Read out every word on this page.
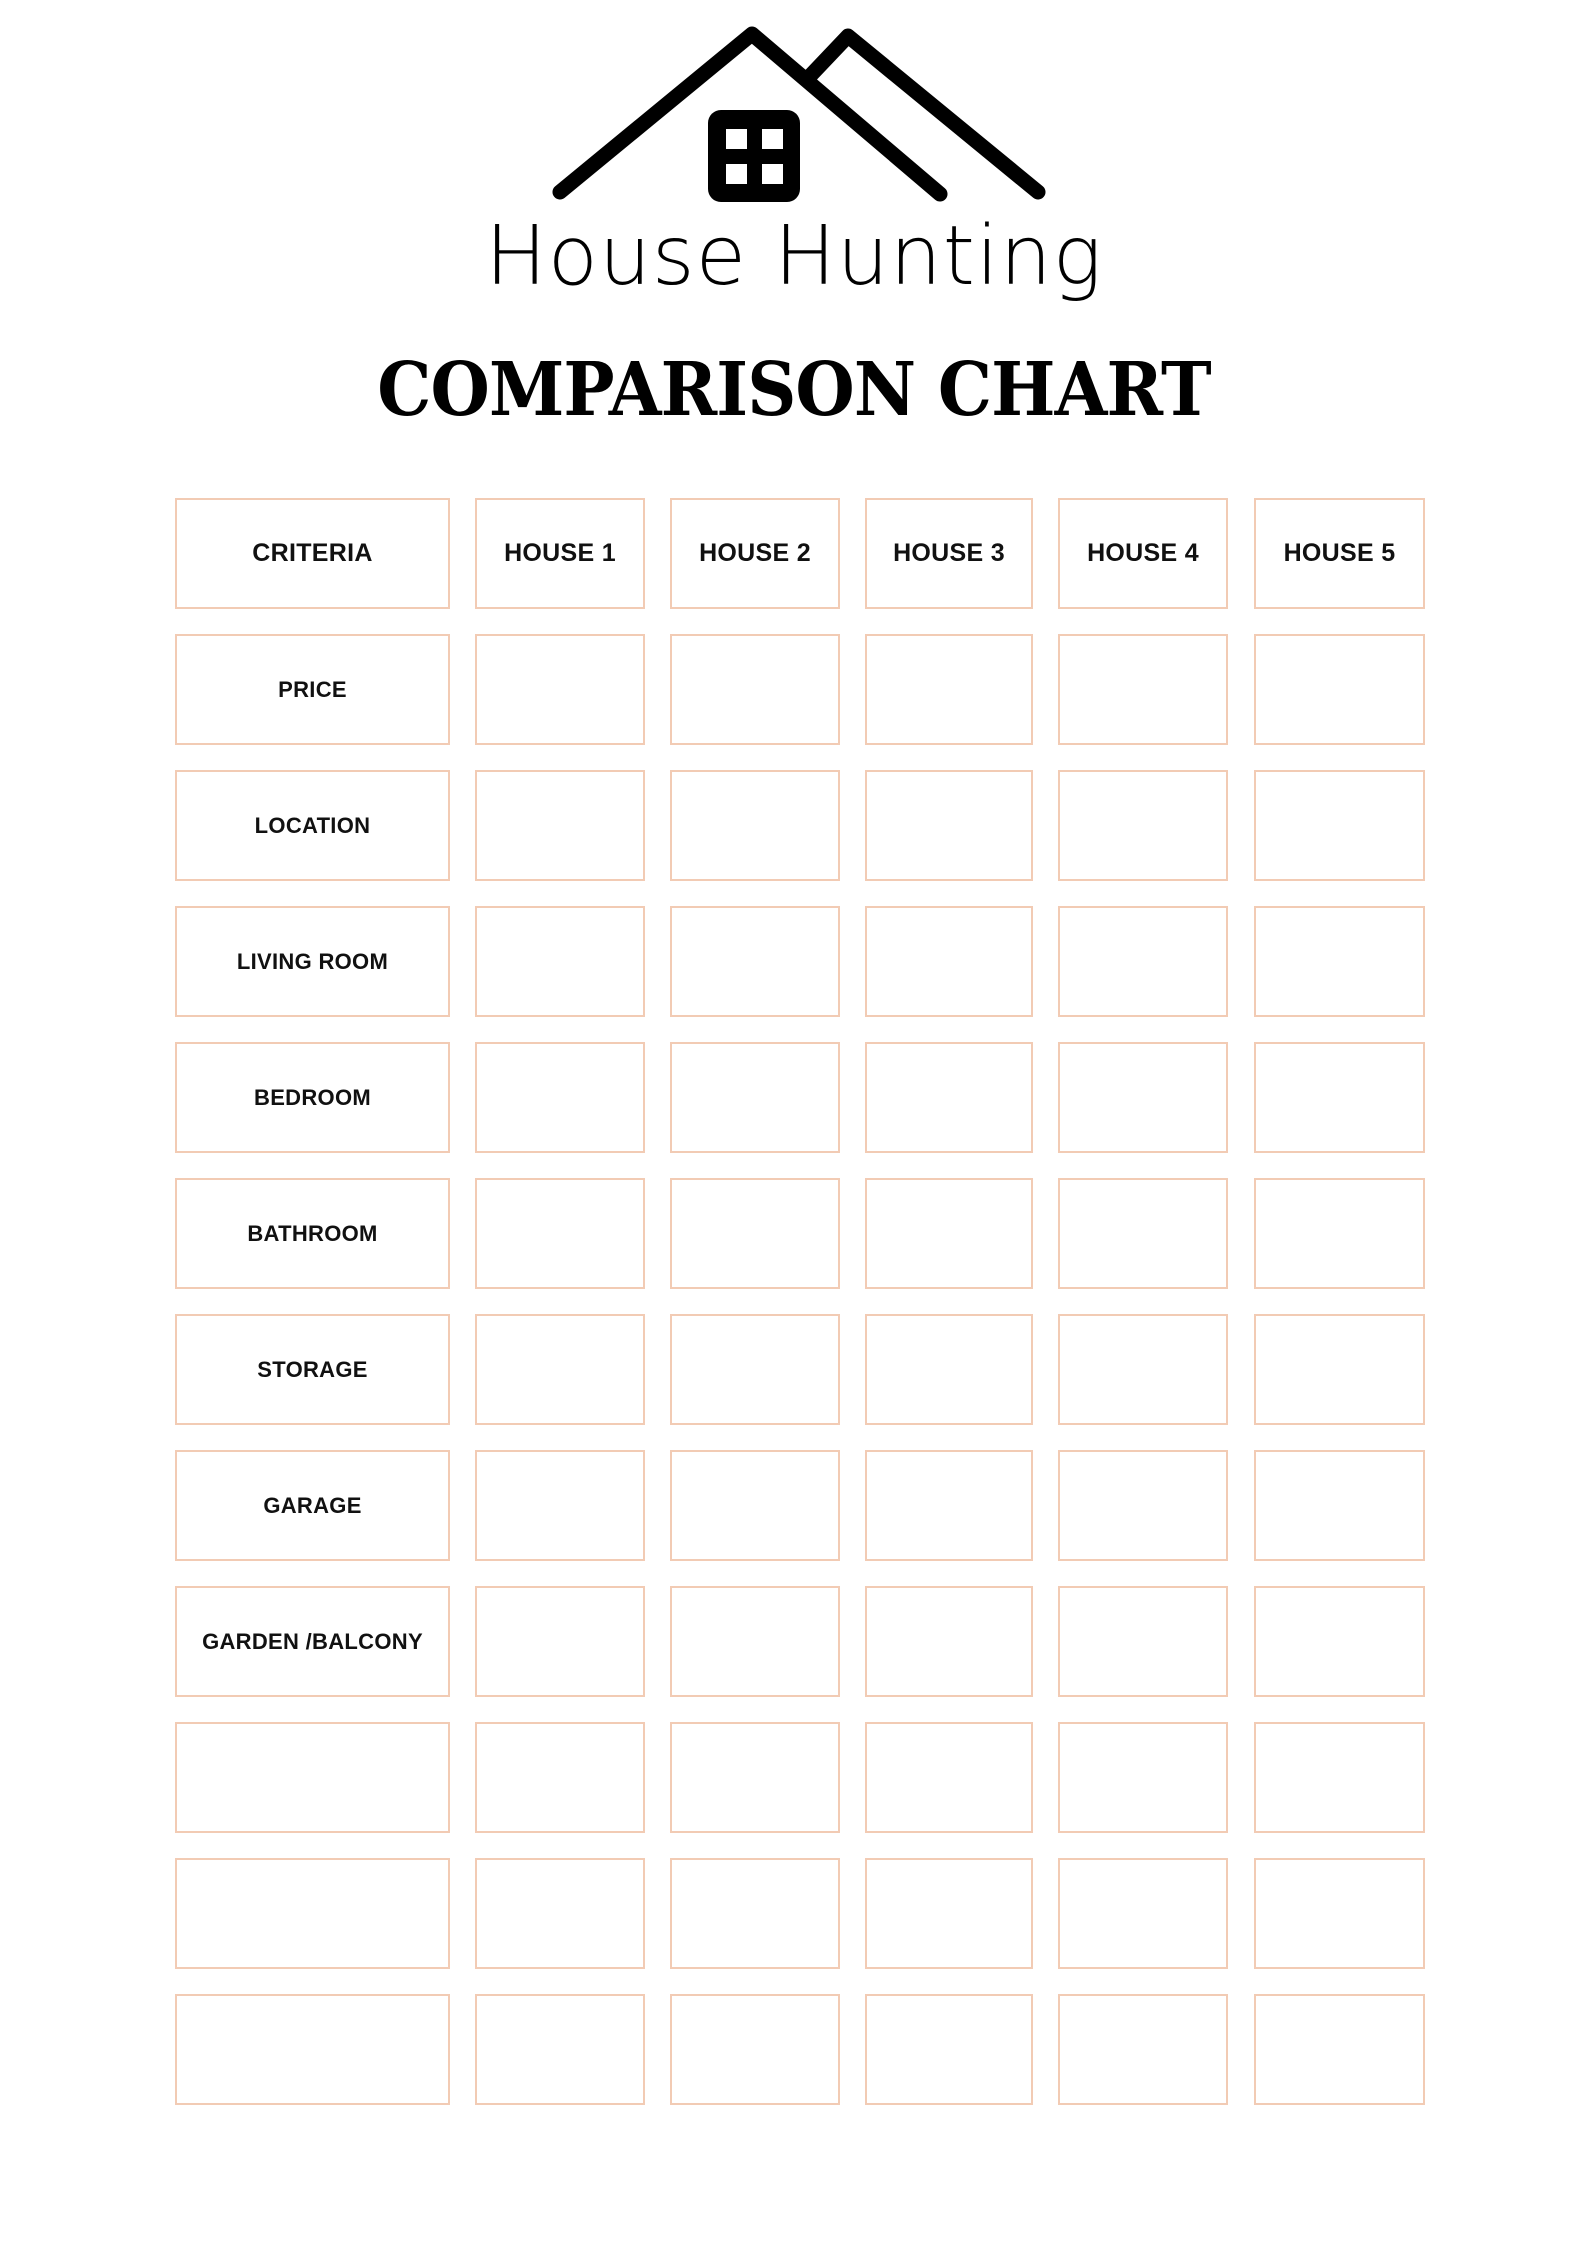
House Hunting
COMPARISON CHART
CRITERIA	HOUSE 1	HOUSE 2	HOUSE 3	HOUSE 4	HOUSE 5
PRICE
LOCATION
LIVING ROOM
BEDROOM
BATHROOM
STORAGE
GARAGE
GARDEN /BALCONY
